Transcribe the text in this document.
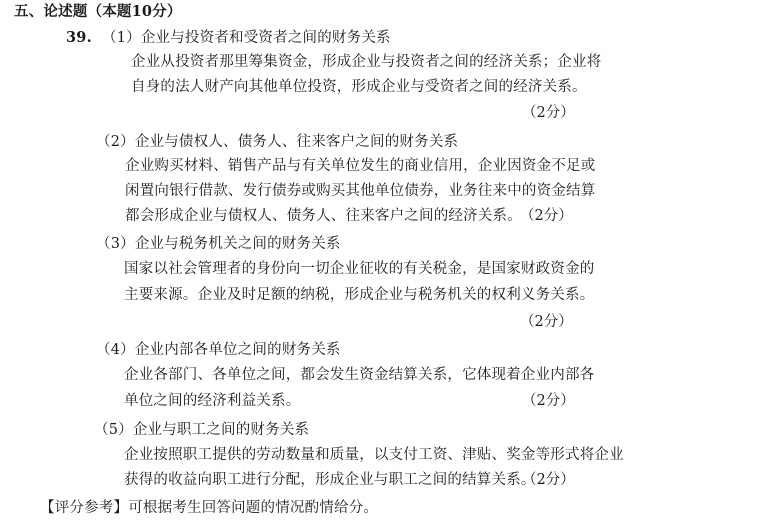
五、论述题（本题10分）
39. （1）企业与投资者和受资者之间的财务关系
企业从投资者那里筹集资金，形成企业与投资者之间的经济关系；企业将
自身的法人财产向其他单位投资，形成企业与受资者之间的经济关系。
（2分）
（2）企业与债权人、债务人、往来客户之间的财务关系
企业购买材料、销售产品与有关单位发生的商业信用，企业因资金不足或
闲置向银行借款、发行债券或购买其他单位债券，业务往来中的资金结算
都会形成企业与债权人、债务人、往来客户之间的经济关系。
（2分）
（3）企业与税务机关之间的财务关系
国家以社会管理者的身份向一切企业征收的有关税金，是国家财政资金的
主要来源。企业及时足额的纳税，形成企业与税务机关的权利义务关系。
（2分）
（4）企业内部各单位之间的财务关系
企业各部门、各单位之间，都会发生资金结算关系，它体现着企业内部各
单位之间的经济利益关系。	（2分）
（5）企业与职工之间的财务关系
企业按照职工提供的劳动数量和质量，以支付工资、津贴、奖金等形式将企业
获得的收益向职工进行分配，形成企业与职工之间的结算关系。
（2分）
【评分参考】可根据考生回答问题的情况酌情给分。
